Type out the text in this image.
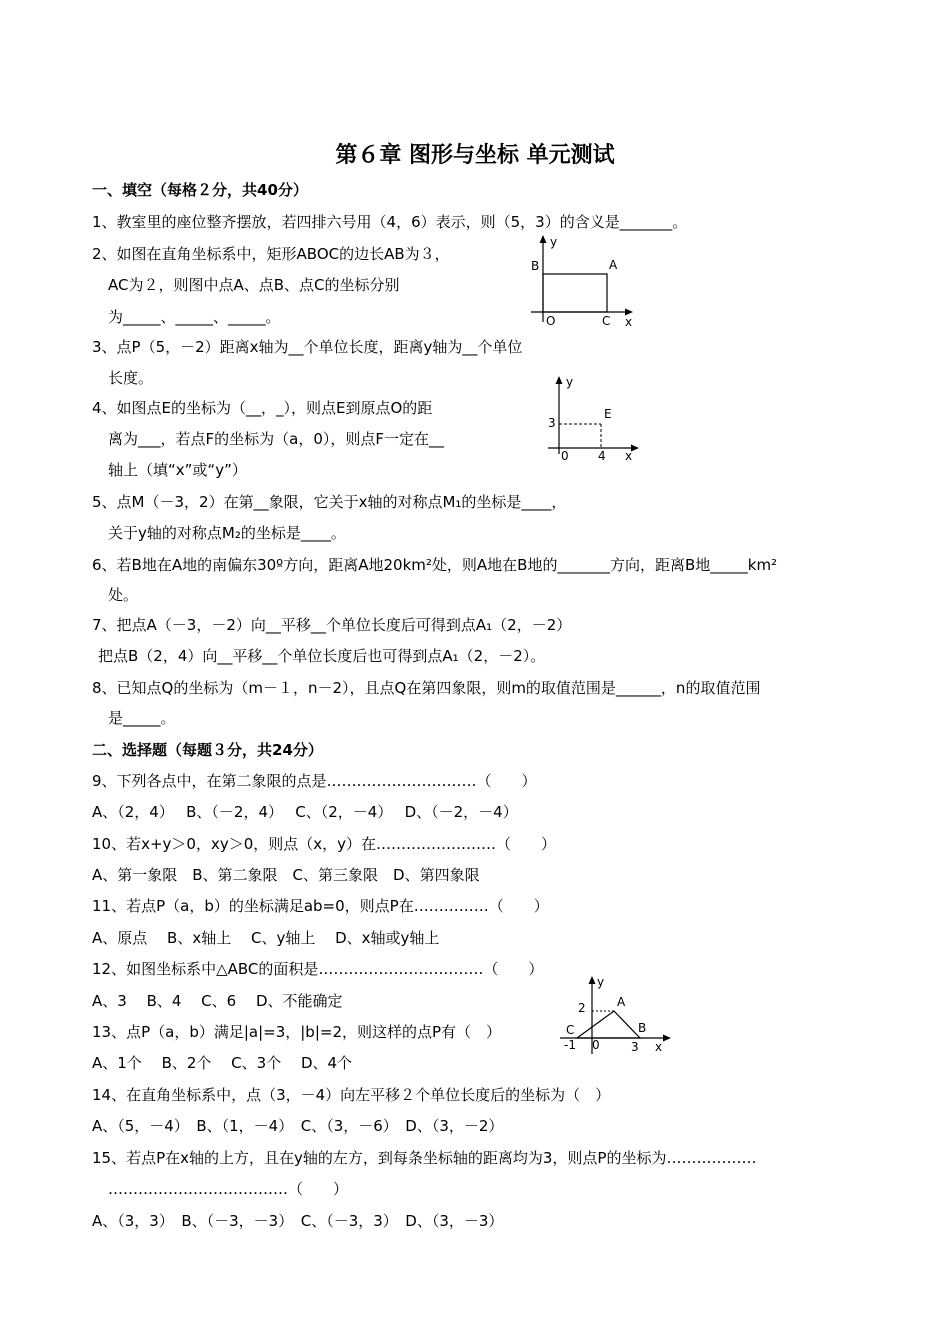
第６章 图形与坐标 单元测试
一、填空（每格２分，共40分）
1、教室里的座位整齐摆放，若四排六号用（4，6）表示，则（5，3）的含义是_______。
2、如图在直角坐标系中，矩形ABOC的边长AB为３，
AC为２，则图中点A、点B、点C的坐标分别
为_____、_____、_____。
y
B	A
O	C x
3、点P（5，－2）距离x轴为__个单位长度，距离y轴为__个单位
长度。
4、如图点E的坐标为（__，_），则点E到原点O的距
离为___，若点F的坐标为（a，0），则点F一定在__
轴上（填“x”或“y”）
y
E
3
0 4 x
5、点M（－3，2）在第__象限，它关于x轴的对称点M₁的坐标是____，
关于y轴的对称点M₂的坐标是____。
6、若B地在A地的南偏东30º方向，距离A地20km²处，则A地在B地的_______方向，距离B地_____km²
处。
7、把点A（－3，－2）向__平移__个单位长度后可得到点A₁（2，－2）
把点B（2，4）向__平移__个单位长度后也可得到点A₁（2，－2）。
8、已知点Q的坐标为（m－１，n－2），且点Q在第四象限，则m的取值范围是______，n的取值范围
是_____。
二、选择题（每题３分，共24分）
9、下列各点中，在第二象限的点是…………………………（　　）
A、（2，4）　 B、（－2，4）　 C、（2，－4）　 D、（－2，－4）
10、若x+y＞0，xy＞0，则点（x，y）在……………………（　　）
A、第一象限　B、第二象限　C、第三象限　D、第四象限
11、若点P（a，b）的坐标满足ab=0，则点P在……………（　　）
A、原点　 B、x轴上　 C、y轴上　 D、x轴或y轴上
12、如图坐标系中△ABC的面积是……………………………（　　）
A、3　 B、4　 C、6　 D、不能确定
13、点P（a，b）满足|a|=3，|b|=2，则这样的点P有（　）
A、1个　 B、2个　 C、3个　 D、4个
y
2	A
C	B
-1 0	3 x
14、在直角坐标系中，点（3，－4）向左平移２个单位长度后的坐标为（　）
A、（5，－4）　B、（1，－4）　C、（3，－6）　D、（3，－2）
15、若点P在x轴的上方，且在y轴的左方，到每条坐标轴的距离均为3，则点P的坐标为………………
………………………………（　　）
A、（3，3）　B、（－3，－3）　C、（－3，3）　D、（3，－3）
